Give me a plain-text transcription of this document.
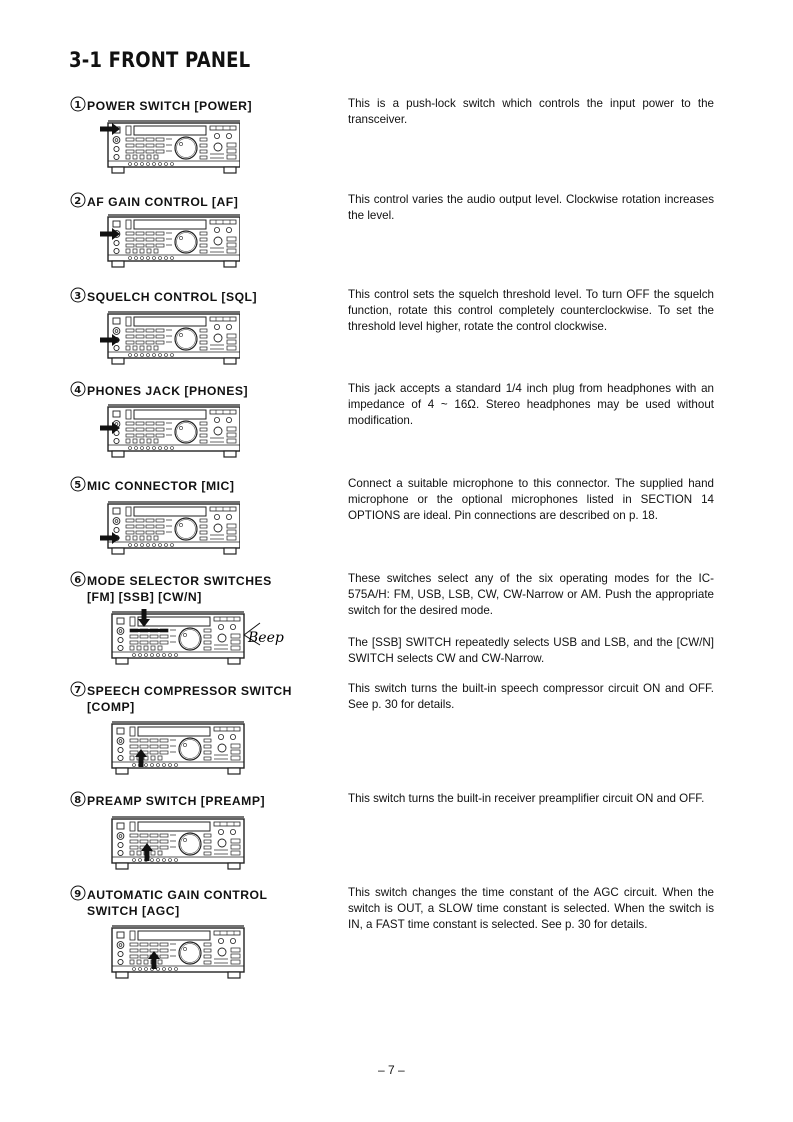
3-1 FRONT PANEL
1 POWER SWITCH [POWER]	This is a push-lock switch which controls the input power to the transceiver.

2 AF GAIN CONTROL [AF]	This control varies the audio output level. Clockwise rotation increases the level.

3 SQUELCH CONTROL [SQL]	This control sets the squelch threshold level. To turn OFF the squelch function, rotate this control completely counterclockwise. To set the threshold level higher, rotate the control clockwise.

4 PHONES JACK [PHONES]	This jack accepts a standard 1/4 inch plug from headphones with an impedance of 4 ~ 16Ω. Stereo headphones may be used without modification.

5 MIC CONNECTOR [MIC]	Connect a suitable microphone to this connector. The supplied hand microphone or the optional microphones listed in SECTION 14 OPTIONS are ideal. Pin connections are described on p. 18.

6 MODE SELECTOR SWITCHES
[FM] [SSB] [CW/N]

These switches select any of the six operating modes for the IC-575A/H: FM, USB, LSB, CW, CW-Narrow or AM. Push the appropriate switch for the desired mode.

The [SSB] SWITCH repeatedly selects USB and LSB, and the [CW/N] SWITCH selects CW and CW-Narrow.

Beep
7 SPEECH COMPRESSOR SWITCH
[COMP]

This switch turns the built-in speech compressor circuit ON and OFF. See p. 30 for details.

8 PREAMP SWITCH [PREAMP]	This switch turns the built-in receiver preamplifier circuit ON and OFF.

9 AUTOMATIC GAIN CONTROL
SWITCH [AGC]

This switch changes the time constant of the AGC circuit. When the switch is OUT, a SLOW time constant is selected. When the switch is IN, a FAST time constant is selected. See p. 30 for details.

– 7 –
